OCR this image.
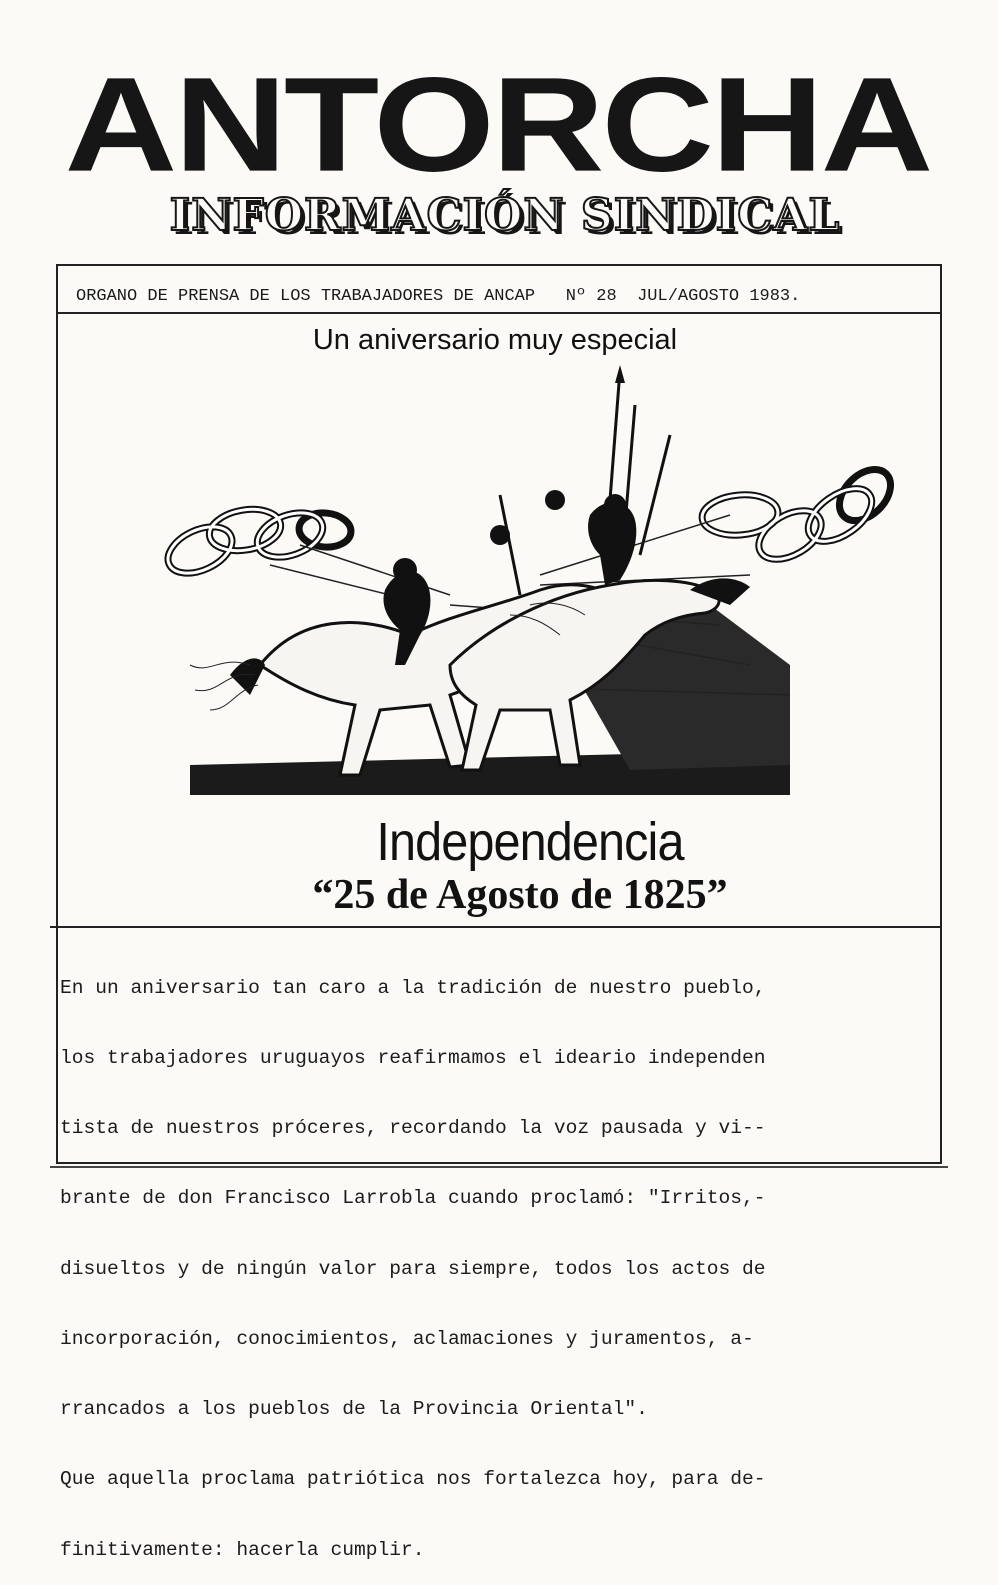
ANTORCHA
INFORMACIÓN SINDICAL
ORGANO DE PRENSA DE LOS TRABAJADORES DE ANCAP Nº 28 JUL/AGOSTO 1983.
Un aniversario muy especial
Independencia
“25 de Agosto de 1825”

En un aniversario tan caro a la tradición de nuestro pueblo,

los trabajadores uruguayos reafirmamos el ideario independen

tista de nuestros próceres, recordando la voz pausada y vi--

brante de don Francisco Larrobla cuando proclamó: "Irritos,-

disueltos y de ningún valor para siempre, todos los actos de

incorporación, conocimientos, aclamaciones y juramentos, a-

rrancados a los pueblos de la Provincia Oriental".

Que aquella proclama patriótica nos fortalezca hoy, para de-

finitivamente: hacerla cumplir.
